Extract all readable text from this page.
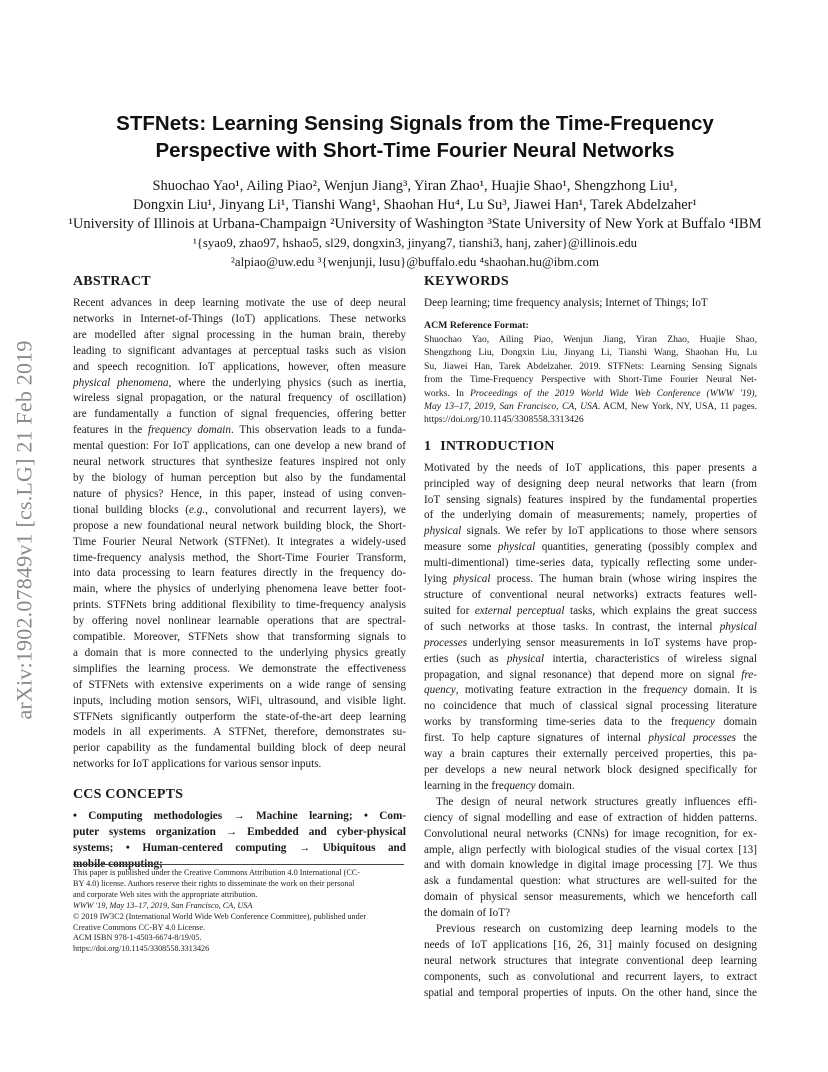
arXiv:1902.07849v1 [cs.LG] 21 Feb 2019
STFNets: Learning Sensing Signals from the Time-Frequency
Perspective with Short-Time Fourier Neural Networks
Shuochao Yao¹, Ailing Piao², Wenjun Jiang³, Yiran Zhao¹, Huajie Shao¹, Shengzhong Liu¹,
Dongxin Liu¹, Jinyang Li¹, Tianshi Wang¹, Shaohan Hu⁴, Lu Su³, Jiawei Han¹, Tarek Abdelzaher¹
¹University of Illinois at Urbana-Champaign ²University of Washington ³State University of New York at Buffalo ⁴IBM
¹{syao9, zhao97, hshao5, sl29, dongxin3, jinyang7, tianshi3, hanj, zaher}@illinois.edu
²alpiao@uw.edu ³{wenjunji, lusu}@buffalo.edu ⁴shaohan.hu@ibm.com
ABSTRACT
Recent advances in deep learning motivate the use of deep neural
networks in Internet-of-Things (IoT) applications. These networks
are modelled after signal processing in the human brain, thereby
leading to significant advantages at perceptual tasks such as vision
and speech recognition. IoT applications, however, often measure
physical phenomena, where the underlying physics (such as inertia,
wireless signal propagation, or the natural frequency of oscillation)
are fundamentally a function of signal frequencies, offering better
features in the frequency domain. This observation leads to a funda-
mental question: For IoT applications, can one develop a new brand of
neural network structures that synthesize features inspired not only
by the biology of human perception but also by the fundamental
nature of physics? Hence, in this paper, instead of using conven-
tional building blocks (e.g., convolutional and recurrent layers), we
propose a new foundational neural network building block, the Short-
Time Fourier Neural Network (STFNet). It integrates a widely-used
time-frequency analysis method, the Short-Time Fourier Transform,
into data processing to learn features directly in the frequency do-
main, where the physics of underlying phenomena leave better foot-
prints. STFNets bring additional flexibility to time-frequency analysis
by offering novel nonlinear learnable operations that are spectral-
compatible. Moreover, STFNets show that transforming signals to
a domain that is more connected to the underlying physics greatly
simplifies the learning process. We demonstrate the effectiveness
of STFNets with extensive experiments on a wide range of sensing
inputs, including motion sensors, WiFi, ultrasound, and visible light.
STFNets significantly outperform the state-of-the-art deep learning
models in all experiments. A STFNet, therefore, demonstrates su-
perior capability as the fundamental building block of deep neural
networks for IoT applications for various sensor inputs.
CCS CONCEPTS
• Computing methodologies → Machine learning; • Com-
puter systems organization → Embedded and cyber-physical
systems; • Human-centered computing → Ubiquitous and
mobile computing;
This paper is published under the Creative Commons Attribution 4.0 International (CC-
BY 4.0) license. Authors reserve their rights to disseminate the work on their personal
and corporate Web sites with the appropriate attribution.
WWW '19, May 13–17, 2019, San Francisco, CA, USA
© 2019 IW3C2 (International World Wide Web Conference Committee), published under
Creative Commons CC-BY 4.0 License.
ACM ISBN 978-1-4503-6674-8/19/05.
https://doi.org/10.1145/3308558.3313426
KEYWORDS
Deep learning; time frequency analysis; Internet of Things; IoT
ACM Reference Format:
Shuochao Yao, Ailing Piao, Wenjun Jiang, Yiran Zhao, Huajie Shao,
Shengzhong Liu, Dongxin Liu, Jinyang Li, Tianshi Wang, Shaohan Hu, Lu
Su, Jiawei Han, Tarek Abdelzaher. 2019. STFNets: Learning Sensing Signals
from the Time-Frequency Perspective with Short-Time Fourier Neural Net-
works. In Proceedings of the 2019 World Wide Web Conference (WWW '19),
May 13–17, 2019, San Francisco, CA, USA. ACM, New York, NY, USA, 11 pages.
https://doi.org/10.1145/3308558.3313426
1 INTRODUCTION
Motivated by the needs of IoT applications, this paper presents a
principled way of designing deep neural networks that learn (from
IoT sensing signals) features inspired by the fundamental properties
of the underlying domain of measurements; namely, properties of
physical signals. We refer by IoT applications to those where sensors
measure some physical quantities, generating (possibly complex and
multi-dimentional) time-series data, typically reflecting some under-
lying physical process. The human brain (whose wiring inspires the
structure of conventional neural networks) extracts features well-
suited for external perceptual tasks, which explains the great success
of such networks at those tasks. In contrast, the internal physical
processes underlying sensor measurements in IoT systems have prop-
erties (such as physical intertia, characteristics of wireless signal
propagation, and signal resonance) that depend more on signal fre-
quency, motivating feature extraction in the frequency domain. It is
no coincidence that much of classical signal processing literature
works by transforming time-series data to the frequency domain
first. To help capture signatures of internal physical processes the
way a brain captures their externally perceived properties, this pa-
per develops a new neural network block designed specifically for
learning in the frequency domain.
The design of neural network structures greatly influences effi-
ciency of signal modelling and ease of extraction of hidden patterns.
Convolutional neural networks (CNNs) for image recognition, for ex-
ample, align perfectly with biological studies of the visual cortex [13]
and with domain knowledge in digital image processing [7]. We thus
ask a fundamental question: what structures are well-suited for the
domain of physical sensor measurements, which we henceforth call
the domain of IoT?
Previous research on customizing deep learning models to the
needs of IoT applications [16, 26, 31] mainly focused on designing
neural network structures that integrate conventional deep learning
components, such as convolutional and recurrent layers, to extract
spatial and temporal properties of inputs. On the other hand, since the
